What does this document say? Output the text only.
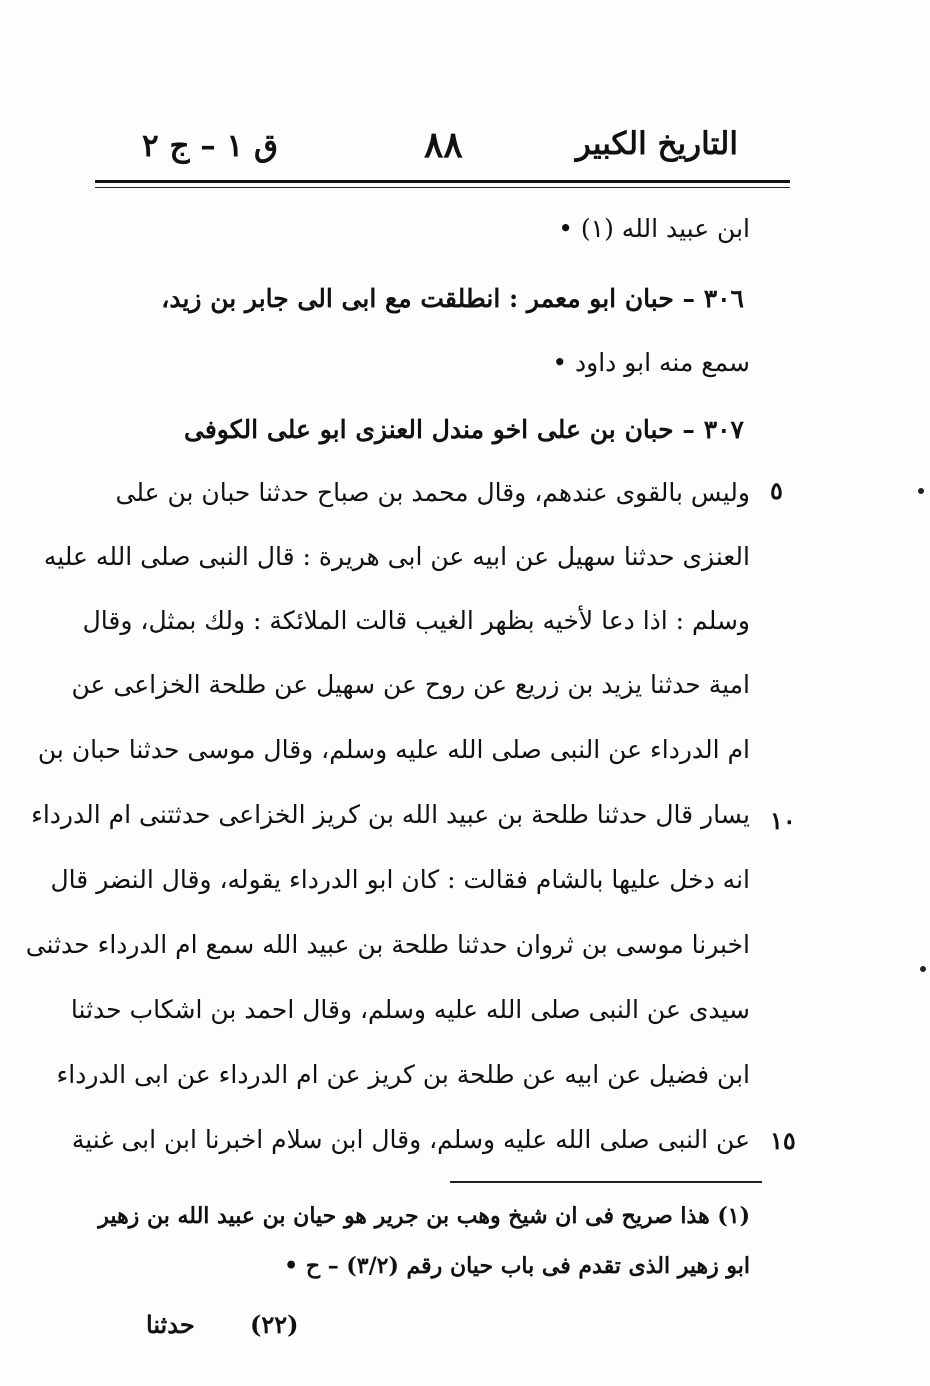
ق ١ – ج ٢	٨٨	التاريخ الكبير
ابن عبيد الله (١) •
٣٠٦ – حبان ابو معمر : انطلقت مع ابى الى جابر بن زيد،
سمع منه ابو داود •
٣٠٧ – حبان بن على اخو مندل العنزى ابو على الكوفى
وليس بالقوى عندهم، وقال محمد بن صباح حدثنا حبان بن على ٥
العنزى حدثنا سهيل عن ابيه عن ابى هريرة : قال النبى صلى الله عليه
وسلم : اذا دعا لأخيه بظهر الغيب قالت الملائكة : ولك بمثل، وقال
امية حدثنا يزيد بن زريع عن روح عن سهيل عن طلحة الخزاعى عن
ام الدرداء عن النبى صلى الله عليه وسلم، وقال موسى حدثنا حبان بن
يسار قال حدثنا طلحة بن عبيد الله بن كريز الخزاعى حدثتنى ام الدرداء ١٠
انه دخل عليها بالشام فقالت : كان ابو الدرداء يقوله، وقال النضر قال
اخبرنا موسى بن ثروان حدثنا طلحة بن عبيد الله سمع ام الدرداء حدثنى
سيدى عن النبى صلى الله عليه وسلم، وقال احمد بن اشكاب حدثنا
ابن فضيل عن ابيه عن طلحة بن كريز عن ام الدرداء عن ابى الدرداء
عن النبى صلى الله عليه وسلم، وقال ابن سلام اخبرنا ابن ابى غنية ١٥
(١) هذا صريح فى ان شيخ وهب بن جرير هو حيان بن عبيد الله بن زهير
ابو زهير الذى تقدم فى باب حيان رقم (٣/٢) – ح •
(٢٢)
حدثنا
